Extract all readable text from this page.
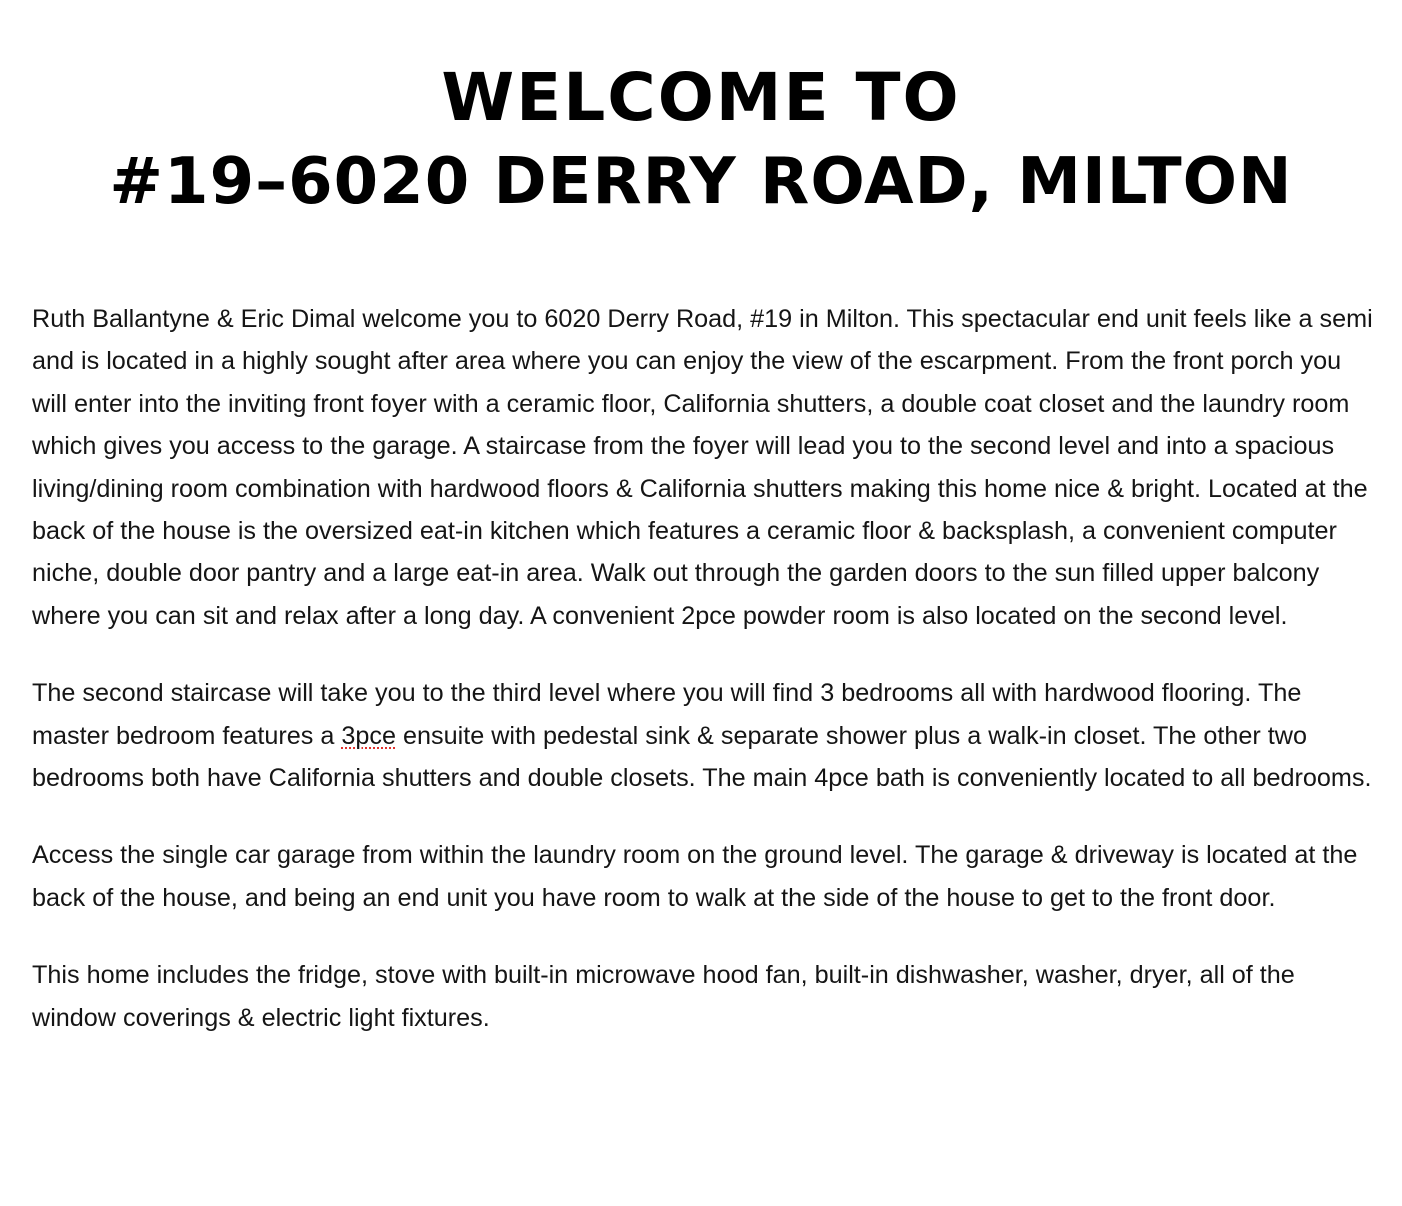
WELCOME TO
#19–6020 DERRY ROAD, MILTON

Ruth Ballantyne & Eric Dimal welcome you to 6020 Derry Road, #19 in Milton. This spectacular end unit feels like a semi and is located in a highly sought after area where you can enjoy the view of the escarpment. From the front porch you will enter into the inviting front foyer with a ceramic floor, California shutters, a double coat closet and the laundry room which gives you access to the garage. A staircase from the foyer will lead you to the second level and into a spacious living/dining room combination with hardwood floors & California shutters making this home nice & bright. Located at the back of the house is the oversized eat-in kitchen which features a ceramic floor & backsplash, a convenient computer niche, double door pantry and a large eat-in area. Walk out through the garden doors to the sun filled upper balcony where you can sit and relax after a long day. A convenient 2pce powder room is also located on the second level.

The second staircase will take you to the third level where you will find 3 bedrooms all with hardwood flooring. The master bedroom features a 3pce ensuite with pedestal sink & separate shower plus a walk-in closet. The other two bedrooms both have California shutters and double closets. The main 4pce bath is conveniently located to all bedrooms.

Access the single car garage from within the laundry room on the ground level. The garage & driveway is located at the back of the house, and being an end unit you have room to walk at the side of the house to get to the front door.

This home includes the fridge, stove with built-in microwave hood fan, built-in dishwasher, washer, dryer, all of the window coverings & electric light fixtures.
